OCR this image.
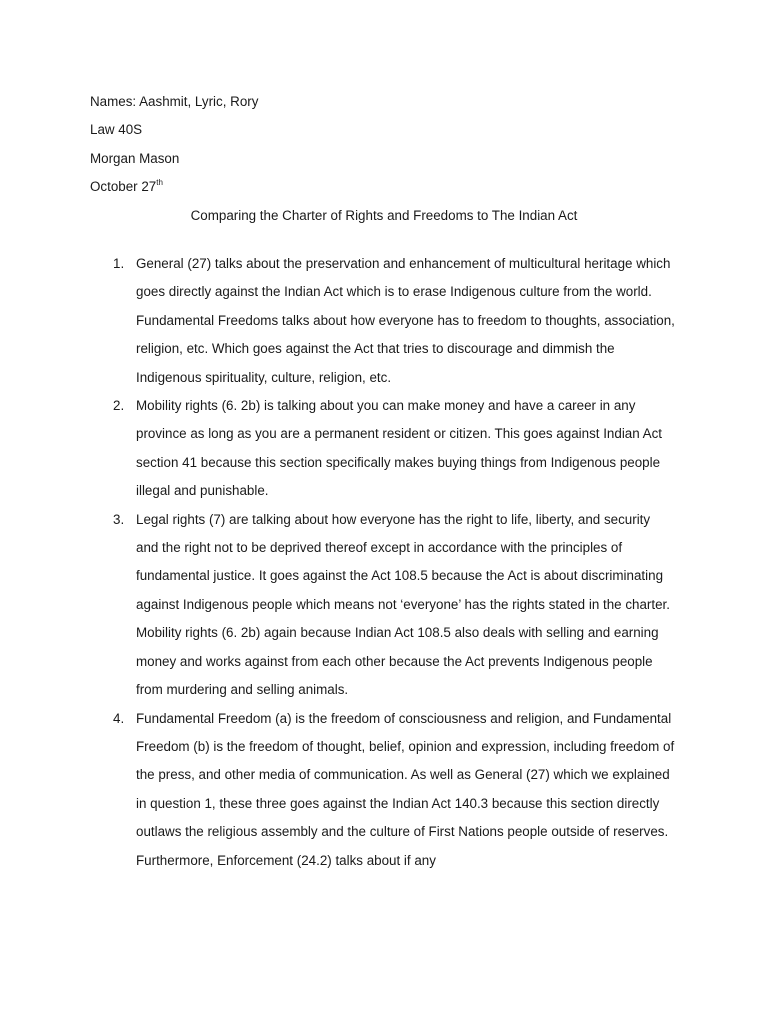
Names: Aashmit, Lyric, Rory
Law 40S
Morgan Mason
October 27th
Comparing the Charter of Rights and Freedoms to The Indian Act
1. General (27) talks about the preservation and enhancement of multicultural heritage which goes directly against the Indian Act which is to erase Indigenous culture from the world.

Fundamental Freedoms talks about how everyone has to freedom to thoughts, association, religion, etc. Which goes against the Act that tries to discourage and dimmish the Indigenous spirituality, culture, religion, etc.

2. Mobility rights (6. 2b) is talking about you can make money and have a career in any province as long as you are a permanent resident or citizen. This goes against Indian Act section 41 because this section specifically makes buying things from Indigenous people illegal and punishable.

3. Legal rights (7) are talking about how everyone has the right to life, liberty, and security and the right not to be deprived thereof except in accordance with the principles of fundamental justice. It goes against the Act 108.5 because the Act is about discriminating against Indigenous people which means not ‘everyone’ has the rights stated in the charter.

Mobility rights (6. 2b) again because Indian Act 108.5 also deals with selling and earning money and works against from each other because the Act prevents Indigenous people from murdering and selling animals.

4. Fundamental Freedom (a) is the freedom of consciousness and religion, and Fundamental Freedom (b) is the freedom of thought, belief, opinion and expression, including freedom of the press, and other media of communication. As well as General (27) which we explained in question 1, these three goes against the Indian Act 140.3 because this section directly outlaws the religious assembly and the culture of First Nations people outside of reserves. Furthermore, Enforcement (24.2) talks about if any
